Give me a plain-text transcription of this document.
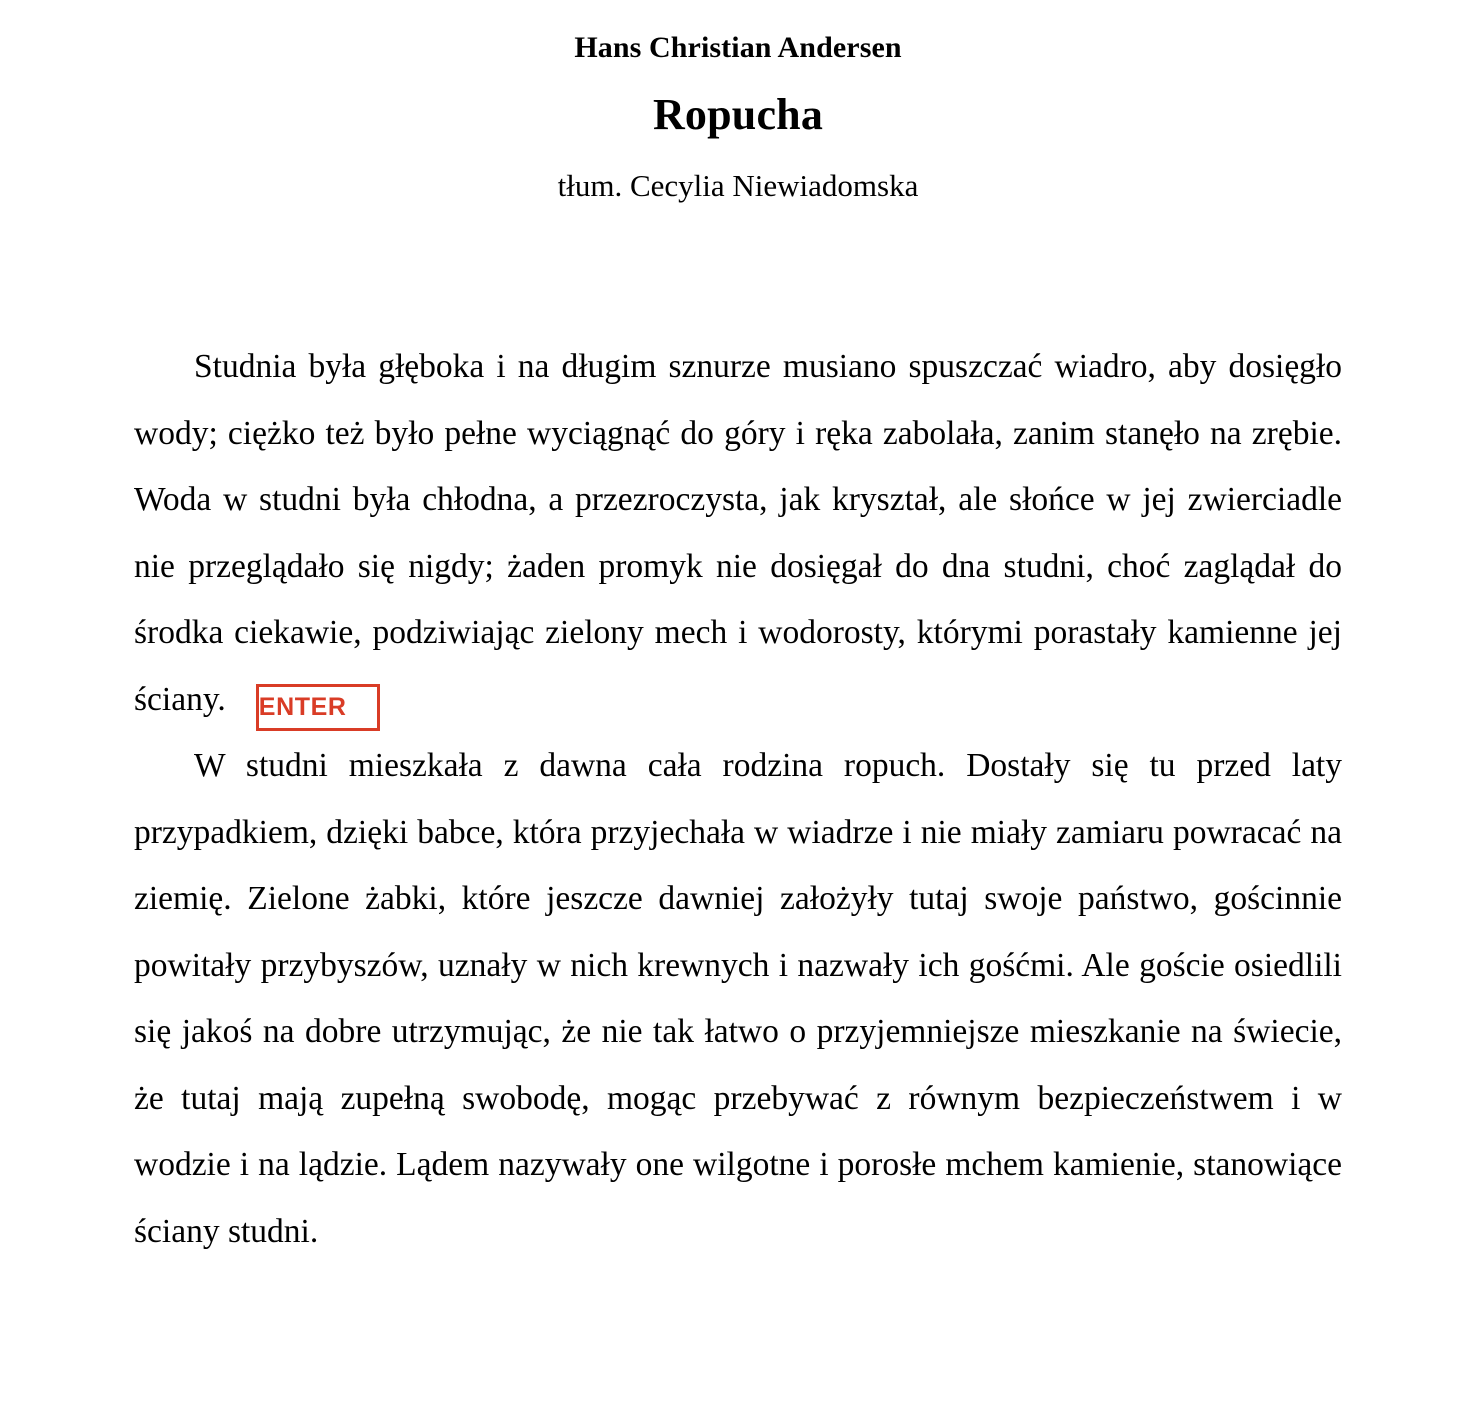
Hans Christian Andersen
Ropucha
tłum. Cecylia Niewiadomska

Studnia była głęboka i na długim sznurze musiano spuszczać wiadro, aby dosięgło wody; ciężko też było pełne wyciągnąć do góry i ręka zabolała, zanim stanęło na zrębie. Woda w studni była chłodna, a przezroczysta, jak kryształ, ale słońce w jej zwierciadle nie przeglądało się nigdy; żaden promyk nie dosięgał do dna studni, choć zaglądał do środka ciekawie, podziwiając zielony mech i wodorosty, którymi porastały kamienne jej ściany. ENTER

W studni mieszkała z dawna cała rodzina ropuch. Dostały się tu przed laty przypadkiem, dzięki babce, która przyjechała w wiadrze i nie miały zamiaru powracać na ziemię. Zielone żabki, które jeszcze dawniej założyły tutaj swoje państwo, gościnnie powitały przybyszów, uznały w nich krewnych i nazwały ich gośćmi. Ale goście osiedlili się jakoś na dobre utrzymując, że nie tak łatwo o przyjemniejsze mieszkanie na świecie, że tutaj mają zupełną swobodę, mogąc przebywać z równym bezpieczeństwem i w wodzie i na lądzie. Lądem nazywały one wilgotne i porosłe mchem kamienie, stanowiące ściany studni.
